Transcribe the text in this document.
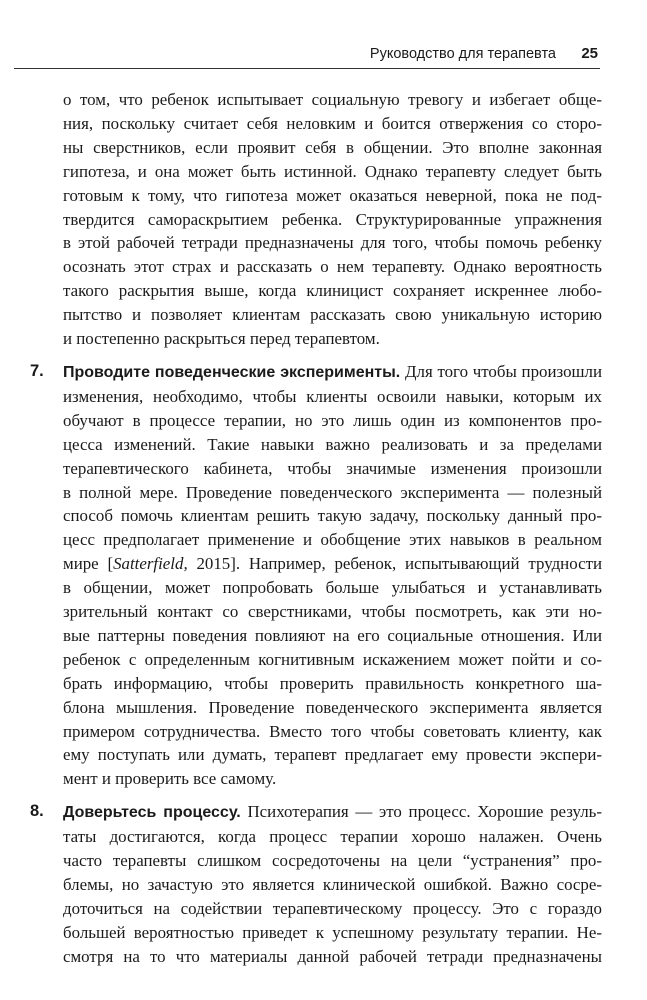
Руководство для терапевта 25

о том, что ребенок испытывает социальную тревогу и избегает обще-
ния, поскольку считает себя неловким и боится отвержения со сторо-
ны сверстников, если проявит себя в общении. Это вполне законная
гипотеза, и она может быть истинной. Однако терапевту следует быть
готовым к тому, что гипотеза может оказаться неверной, пока не под-
твердится самораскрытием ребенка. Структурированные упражнения
в этой рабочей тетради предназначены для того, чтобы помочь ребенку
осознать этот страх и рассказать о нем терапевту. Однако вероятность
такого раскрытия выше, когда клиницист сохраняет искреннее любо-
пытство и позволяет клиентам рассказать свою уникальную историю
и постепенно раскрыться перед терапевтом.

7. Проводите поведенческие эксперименты. Для того чтобы произошли
изменения, необходимо, чтобы клиенты освоили навыки, которым их
обучают в процессе терапии, но это лишь один из компонентов про-
цесса изменений. Такие навыки важно реализовать и за пределами
терапевтического кабинета, чтобы значимые изменения произошли
в полной мере. Проведение поведенческого эксперимента — полезный
способ помочь клиентам решить такую задачу, поскольку данный про-
цесс предполагает применение и обобщение этих навыков в реальном
мире [Satterfield, 2015]. Например, ребенок, испытывающий трудности
в общении, может попробовать больше улыбаться и устанавливать
зрительный контакт со сверстниками, чтобы посмотреть, как эти но-
вые паттерны поведения повлияют на его социальные отношения. Или
ребенок с определенным когнитивным искажением может пойти и со-
брать информацию, чтобы проверить правильность конкретного ша-
блона мышления. Проведение поведенческого эксперимента является
примером сотрудничества. Вместо того чтобы советовать клиенту, как
ему поступать или думать, терапевт предлагает ему провести экспери-
мент и проверить все самому.

8. Доверьтесь процессу. Психотерапия — это процесс. Хорошие резуль-
таты достигаются, когда процесс терапии хорошо налажен. Очень
часто терапевты слишком сосредоточены на цели “устранения” про-
блемы, но зачастую это является клинической ошибкой. Важно сосре-
доточиться на содействии терапевтическому процессу. Это с гораздо
большей вероятностью приведет к успешному результату терапии. Не-
смотря на то что материалы данной рабочей тетради предназначены
